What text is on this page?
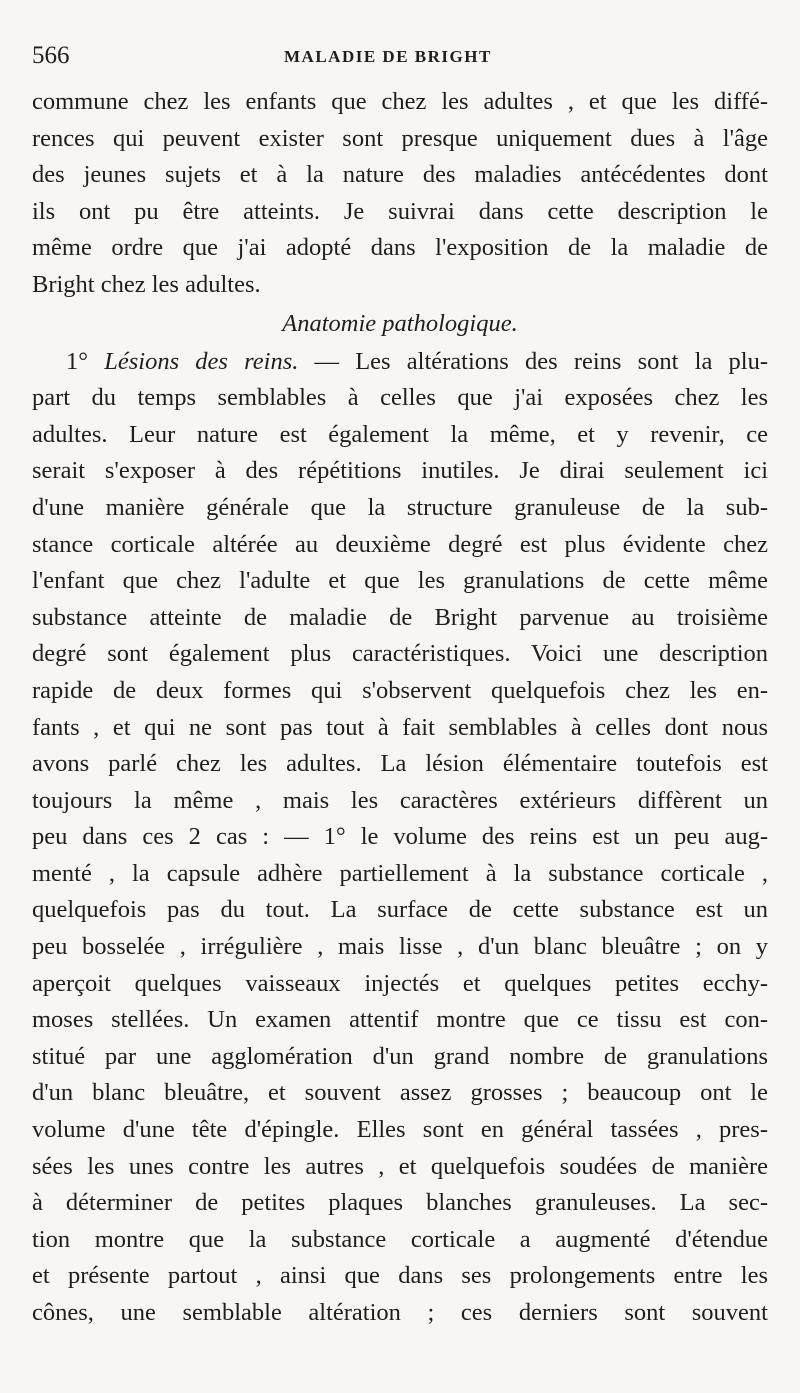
566	MALADIE DE BRIGHT
commune chez les enfants que chez les adultes , et que les diffé-
rences qui peuvent exister sont presque uniquement dues à l'âge
des jeunes sujets et à la nature des maladies antécédentes dont
ils ont pu être atteints. Je suivrai dans cette description le
même ordre que j'ai adopté dans l'exposition de la maladie de
Bright chez les adultes.
Anatomie pathologique.
1° Lésions des reins. — Les altérations des reins sont la plu-
part du temps semblables à celles que j'ai exposées chez les
adultes. Leur nature est également la même, et y revenir, ce
serait s'exposer à des répétitions inutiles. Je dirai seulement ici
d'une manière générale que la structure granuleuse de la sub-
stance corticale altérée au deuxième degré est plus évidente chez
l'enfant que chez l'adulte et que les granulations de cette même
substance atteinte de maladie de Bright parvenue au troisième
degré sont également plus caractéristiques. Voici une description
rapide de deux formes qui s'observent quelquefois chez les en-
fants , et qui ne sont pas tout à fait semblables à celles dont nous
avons parlé chez les adultes. La lésion élémentaire toutefois est
toujours la même , mais les caractères extérieurs diffèrent un
peu dans ces 2 cas : — 1° le volume des reins est un peu aug-
menté , la capsule adhère partiellement à la substance corticale ,
quelquefois pas du tout. La surface de cette substance est un
peu bosselée , irrégulière , mais lisse , d'un blanc bleuâtre ; on y
aperçoit quelques vaisseaux injectés et quelques petites ecchy-
moses stellées. Un examen attentif montre que ce tissu est con-
stitué par une agglomération d'un grand nombre de granulations
d'un blanc bleuâtre, et souvent assez grosses ; beaucoup ont le
volume d'une tête d'épingle. Elles sont en général tassées , pres-
sées les unes contre les autres , et quelquefois soudées de manière
à déterminer de petites plaques blanches granuleuses. La sec-
tion montre que la substance corticale a augmenté d'étendue
et présente partout , ainsi que dans ses prolongements entre les
cônes, une semblable altération ; ces derniers sont souvent
